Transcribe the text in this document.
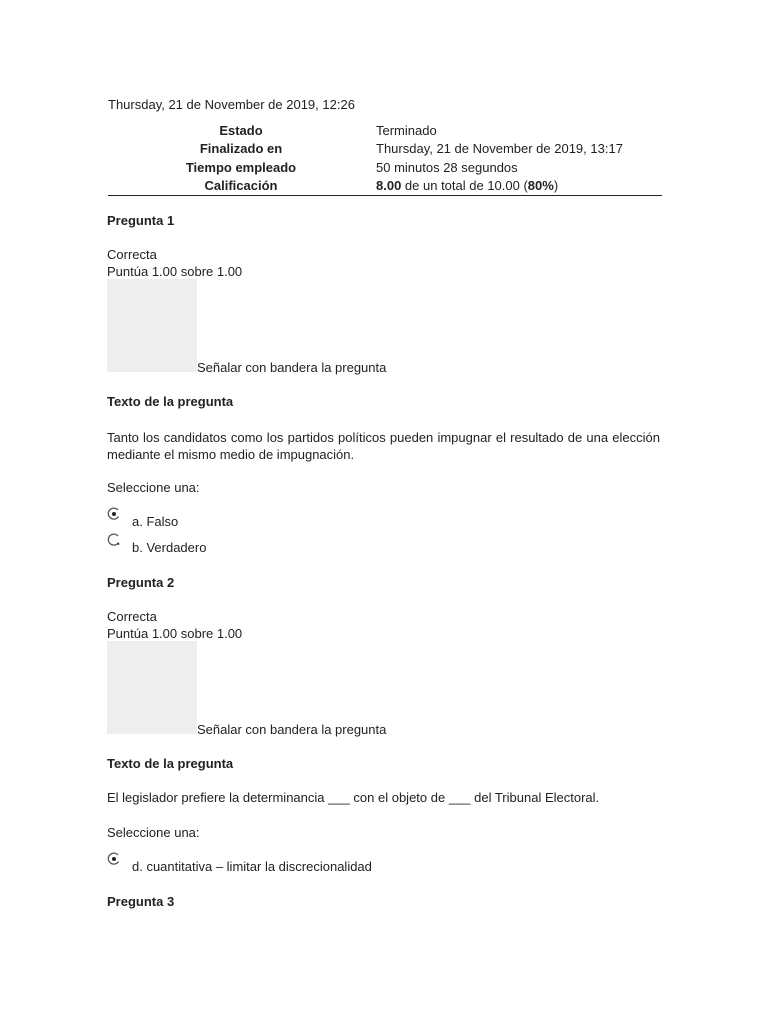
Thursday, 21 de November de 2019, 12:26
Estado	Terminado
Finalizado en	Thursday, 21 de November de 2019, 13:17
Tiempo empleado	50 minutos 28 segundos
Calificación	8.00 de un total de 10.00 (80%)
Pregunta 1
Correcta
Puntúa 1.00 sobre 1.00
Señalar con bandera la pregunta
Texto de la pregunta
Tanto los candidatos como los partidos políticos pueden impugnar el resultado de una elección mediante el mismo medio de impugnación.
Seleccione una:
a. Falso
b. Verdadero
Pregunta 2
Correcta
Puntúa 1.00 sobre 1.00
Señalar con bandera la pregunta
Texto de la pregunta
El legislador prefiere la determinancia ___ con el objeto de ___ del Tribunal Electoral.
Seleccione una:
d. cuantitativa – limitar la discrecionalidad
Pregunta 3
